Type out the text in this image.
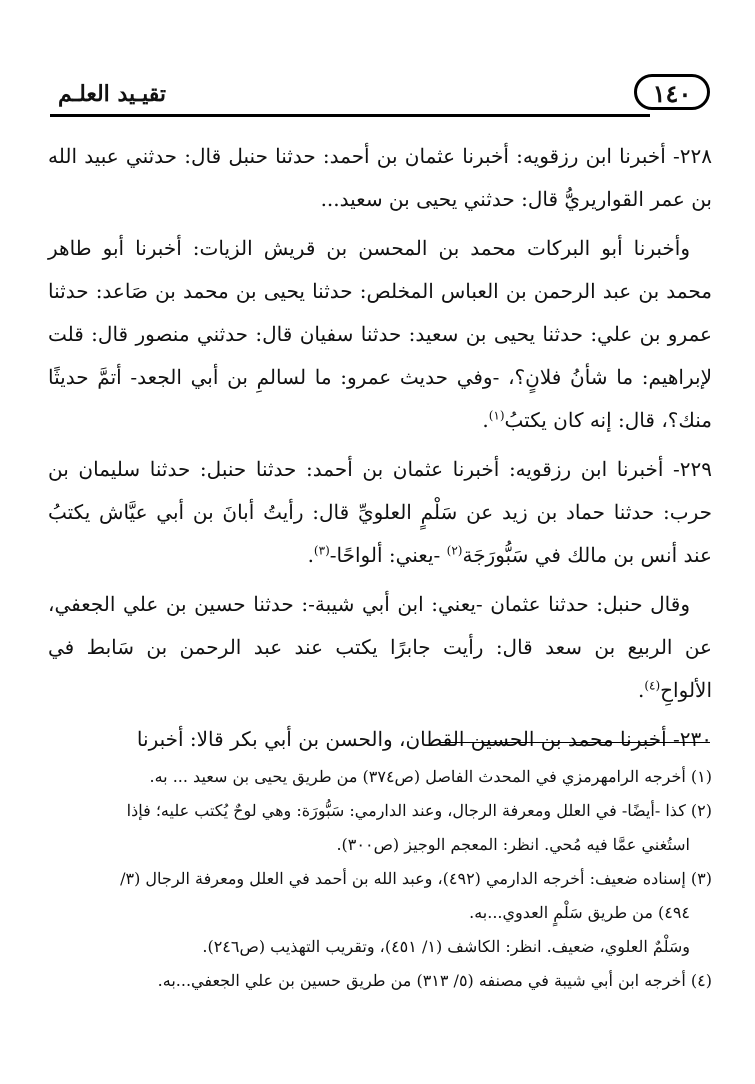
١٤٠
تقيـيد العلـم

٢٢٨- أخبرنا ابن رزقويه: أخبرنا عثمان بن أحمد: حدثنا حنبل قال: حدثني عبيد الله بن عمر القواريريُّ قال: حدثني يحيى بن سعيد...

وأخبرنا أبو البركات محمد بن المحسن بن قريش الزيات: أخبرنا أبو طاهر محمد بن عبد الرحمن بن العباس المخلص: حدثنا يحيى بن محمد بن صَاعد: حدثنا عمرو بن علي: حدثنا يحيى بن سعيد: حدثنا سفيان قال: حدثني منصور قال: قلت لإبراهيم: ما شأنُ فلانٍ؟، -وفي حديث عمرو: ما لسالمِ بن أبي الجعد- أتمَّ حديثًا منك؟، قال: إنه كان يكتبُ$^{(١)}$.

٢٢٩- أخبرنا ابن رزقويه: أخبرنا عثمان بن أحمد: حدثنا حنبل: حدثنا سليمان بن حرب: حدثنا حماد بن زيد عن سَلْمٍ العلويِّ قال: رأيتُ أبانَ بن أبي عيَّاش يكتبُ عند أنس بن مالك في سَبُّورَجَة$^{(٢)}$ -يعني: ألواحًا-$^{(٣)}$.

وقال حنبل: حدثنا عثمان -يعني: ابن أبي شيبة-: حدثنا حسين بن علي الجعفي، عن الربيع بن سعد قال: رأيت جابرًا يكتب عند عبد الرحمن بن سَابط في الألواحِ$^{(٤)}$.

٢٣٠- أخبرنا محمد بن الحسين القطان، والحسن بن أبي بكر قالا: أخبرنا

(١) أخرجه الرامهرمزي في المحدث الفاصل (ص٣٧٤) من طريق يحيى بن سعيد ... به.

(٢) كذا -أيضًا- في العلل ومعرفة الرجال، وعند الدارمي: سَبُّورَة: وهي لوحٌ يُكتب عليه؛ فإذا

استُغني عمَّا فيه مُحي. انظر: المعجم الوجيز (ص٣٠٠).

(٣) إسناده ضعيف: أخرجه الدارمي (٤٩٢)، وعبد الله بن أحمد في العلل ومعرفة الرجال (٣/

٤٩٤) من طريق سَلْمٍ العدوي...به.

وسَلْمٌ العلوي، ضعيف. انظر: الكاشف (١/ ٤٥١)، وتقريب التهذيب (ص٢٤٦).

(٤) أخرجه ابن أبي شيبة في مصنفه (٥/ ٣١٣) من طريق حسين بن علي الجعفي...به.
